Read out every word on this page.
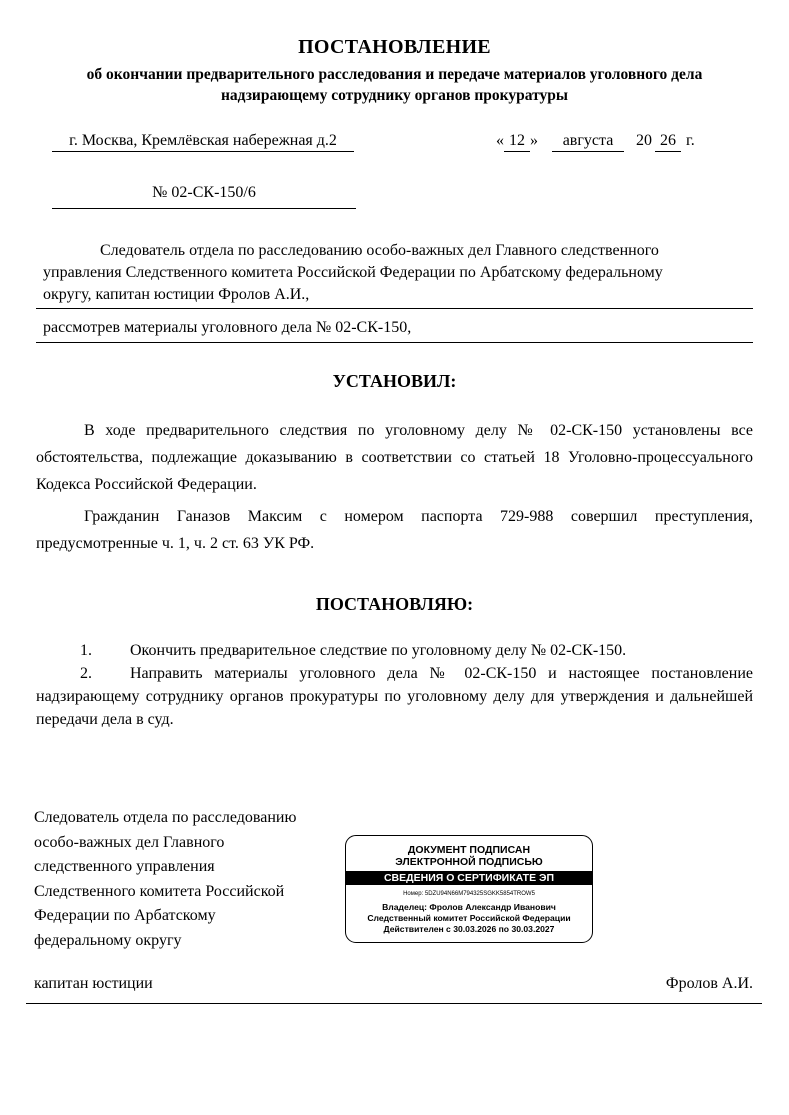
ПОСТАНОВЛЕНИЕ
об окончании предварительного расследования и передаче материалов уголовного дела
надзирающему сотруднику органов прокуратуры
г. Москва, Кремлёвская набережная д.2	« 12 » августа 20 26 г.
№ 02-СК-150/6
Следователь отдела по расследованию особо-важных дел Главного следственного
управления Следственного комитета Российской Федерации по Арбатскому федеральному
округу, капитан юстиции Фролов А.И.,
рассмотрев материалы уголовного дела № 02-СК-150,
УСТАНОВИЛ:
В ходе предварительного следствия по уголовному делу № 02-СК-150 установлены все обстоятельства, подлежащие доказыванию в соответствии со статьей 18 Уголовно-процессуального Кодекса Российской Федерации.
Гражданин Ганазов Максим с номером паспорта 729-988 совершил преступления, предусмотренные ч. 1, ч. 2 ст. 63 УК РФ.
ПОСТАНОВЛЯЮ:
1. Окончить предварительное следствие по уголовному делу № 02-СК-150.
2. Направить материалы уголовного дела № 02-СК-150 и настоящее постановление надзирающему сотруднику органов прокуратуры по уголовному делу для утверждения и дальнейшей передачи дела в суд.
Следователь отдела по расследованию
особо-важных дел Главного
следственного управления
Следственного комитета Российской
Федерации по Арбатскому
федеральному округу
ДОКУМЕНТ ПОДПИСАН
ЭЛЕКТРОННОЙ ПОДПИСЬЮ
СВЕДЕНИЯ О СЕРТИФИКАТЕ ЭП
Номер: 5DZU94N66M794325SGKK5854TROW5
Владелец: Фролов Александр Иванович
Следственный комитет Российской Федерации
Действителен с 30.03.2026 по 30.03.2027
капитан юстиции	Фролов А.И.
